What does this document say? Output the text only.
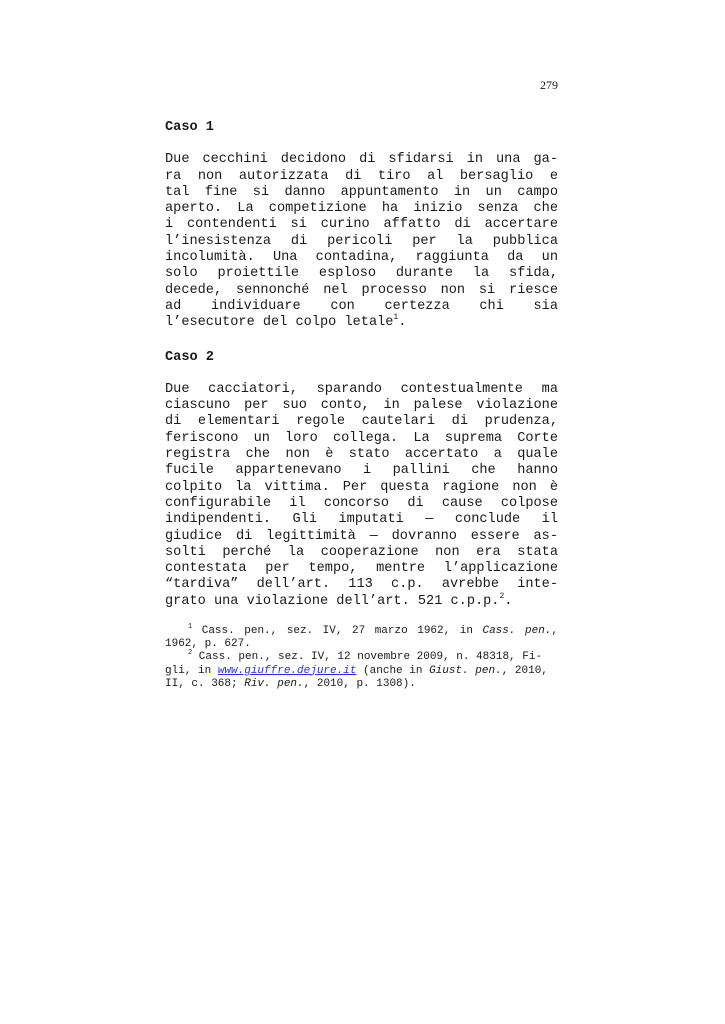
279
Caso 1
Due cecchini decidono di sfidarsi in una ga-
ra non autorizzata di tiro al bersaglio e
tal fine si danno appuntamento in un campo
aperto. La competizione ha inizio senza che
i contendenti si curino affatto di accertare
l’inesistenza di pericoli per la pubblica
incolumità. Una contadina, raggiunta da un
solo proiettile esploso durante la sfida,
decede, sennonché nel processo non si riesce
ad individuare con certezza chi sia
l’esecutore del colpo letale$^1$.
Caso 2
Due cacciatori, sparando contestualmente ma
ciascuno per suo conto, in palese violazione
di elementari regole cautelari di prudenza,
feriscono un loro collega. La suprema Corte
registra che non è stato accertato a quale
fucile appartenevano i pallini che hanno
colpito la vittima. Per questa ragione non è
configurabile il concorso di cause colpose
indipendenti. Gli imputati — conclude il
giudice di legittimità — dovranno essere as-
solti perché la cooperazione non era stata
contestata per tempo, mentre l’applicazione
“tardiva” dell’art. 113 c.p. avrebbe inte-
grato una violazione dell’art. 521 c.p.p.$^2$.
$^1$ Cass. pen., sez. IV, 27 marzo 1962, in Cass. pen.,
1962, p. 627.
$^2$ Cass. pen., sez. IV, 12 novembre 2009, n. 48318, Fi-
gli, in www.giuffre.dejure.it (anche in Giust. pen., 2010,
II, c. 368; Riv. pen., 2010, p. 1308).
